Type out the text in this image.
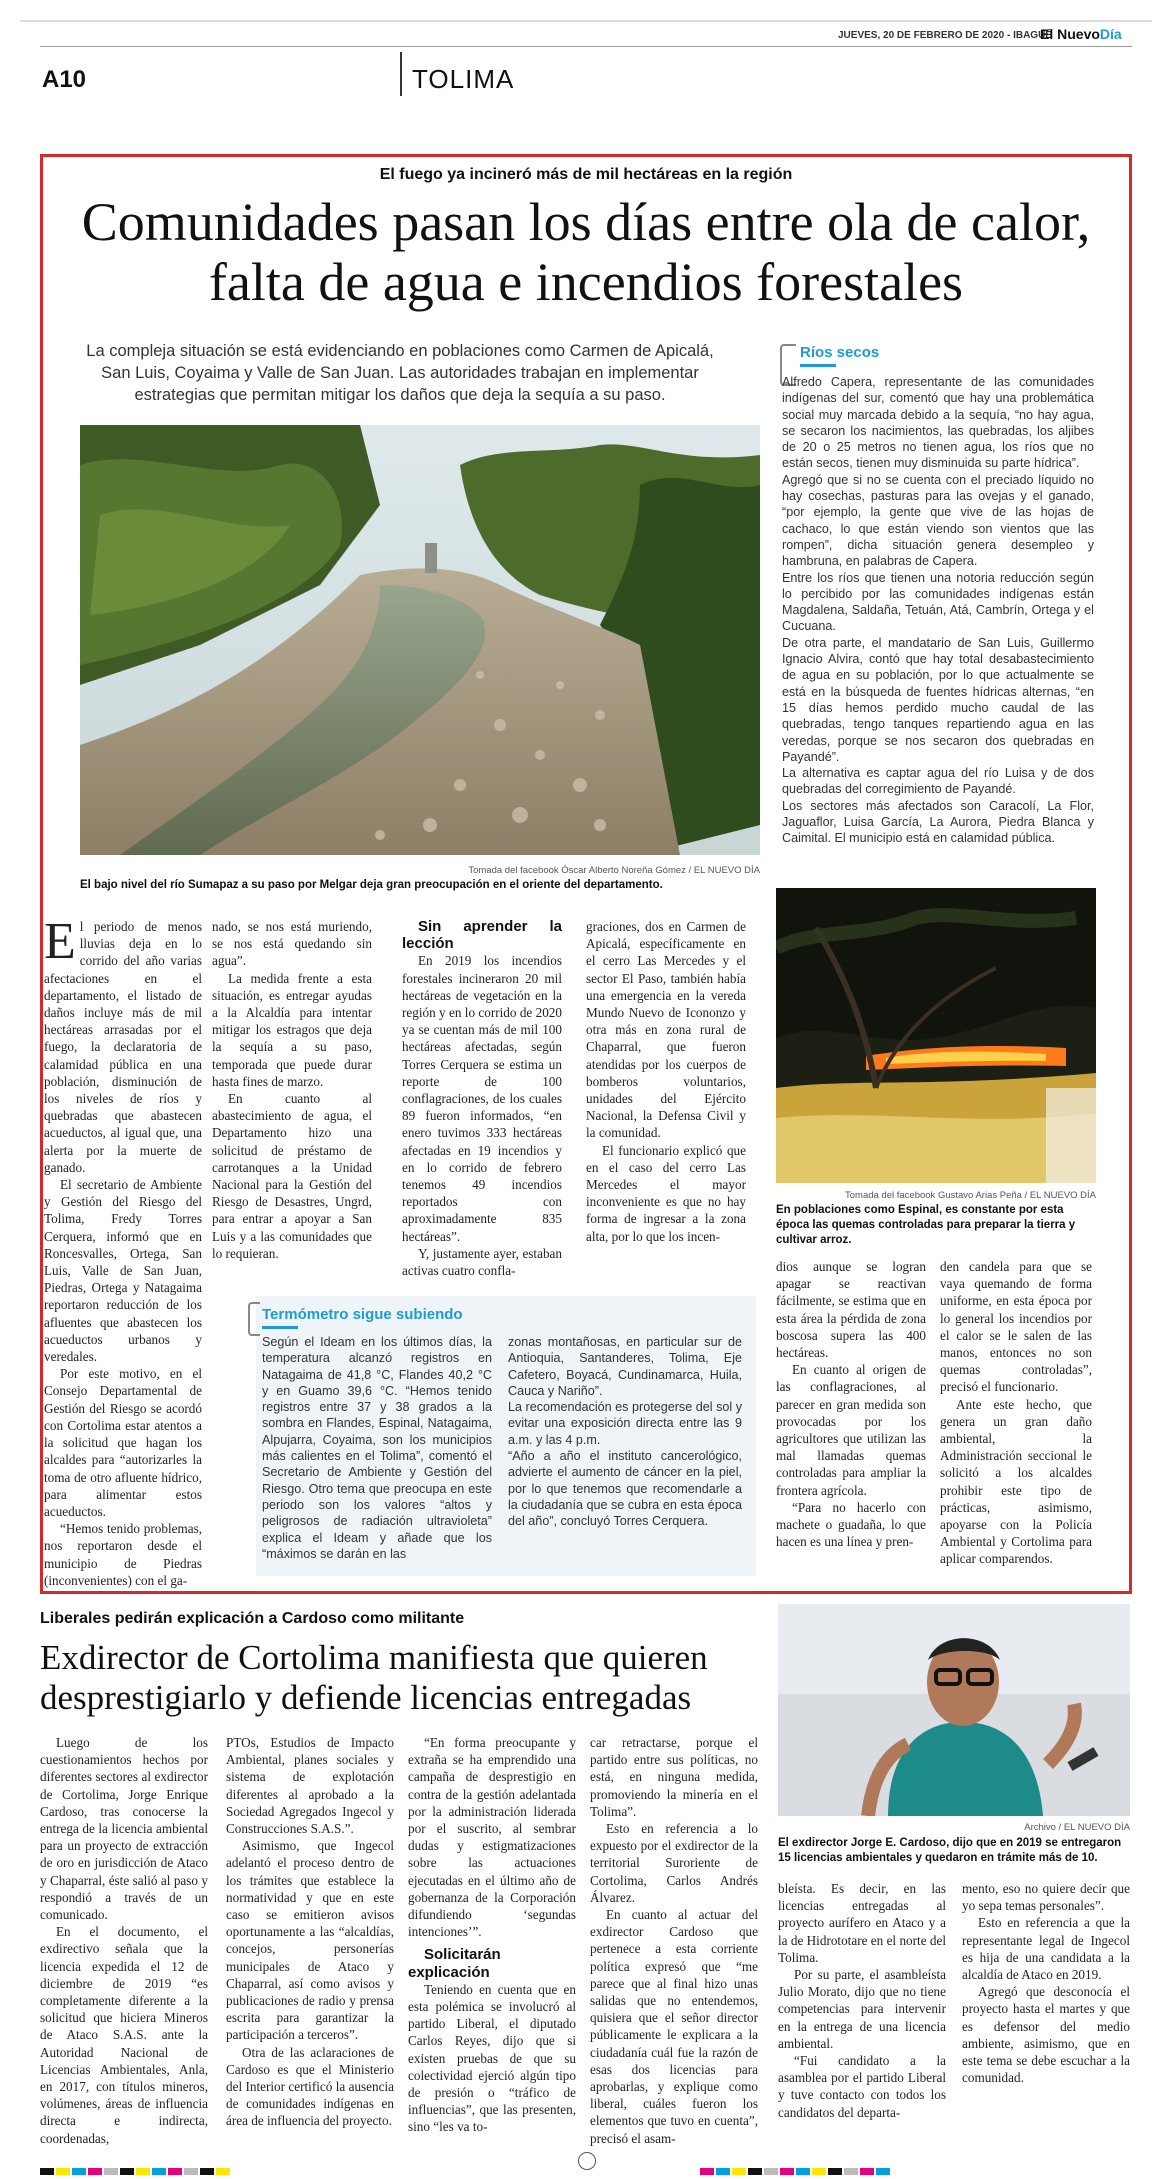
JUEVES, 20 DE FEBRERO DE 2020 - IBAGUÉ
El NuevoDía
A10	TOLIMA
El fuego ya incineró más de mil hectáreas en la región
Comunidades pasan los días entre ola de calor, falta de agua e incendios forestales
La compleja situación se está evidenciando en poblaciones como Carmen de Apicalá, San Luis, Coyaima y Valle de San Juan. Las autoridades trabajan en implementar estrategias que permitan mitigar los daños que deja la sequía a su paso.
Tomada del facebook Óscar Alberto Noreña Gómez / EL NUEVO DÍA
El bajo nivel del río Sumapaz a su paso por Melgar deja gran preocupación en el oriente del departamento.
Ríos secos

Alfredo Capera, representante de las comunidades indígenas del sur, comentó que hay una problemática social muy marcada debido a la sequía, “no hay agua, se secaron los nacimientos, las quebradas, los aljibes de 20 o 25 metros no tienen agua, los ríos que no están secos, tienen muy disminuida su parte hídrica”.

Agregó que si no se cuenta con el preciado líquido no hay cosechas, pasturas para las ovejas y el ganado, “por ejemplo, la gente que vive de las hojas de cachaco, lo que están viendo son vientos que las rompen”, dicha situación genera desempleo y hambruna, en palabras de Capera.

Entre los ríos que tienen una notoria reducción según lo percibido por las comunidades indígenas están Magdalena, Saldaña, Tetuán, Atá, Cambrín, Ortega y el Cucuana.

De otra parte, el mandatario de San Luis, Guillermo Ignacio Alvira, contó que hay total desabastecimiento de agua en su población, por lo que actualmente se está en la búsqueda de fuentes hídricas alternas, “en 15 días hemos perdido mucho caudal de las quebradas, tengo tanques repartiendo agua en las veredas, porque se nos secaron dos quebradas en Payandé”.

La alternativa es captar agua del río Luisa y de dos quebradas del corregimiento de Payandé.

Los sectores más afectados son Caracolí, La Flor, Jaguaflor, Luisa García, La Aurora, Piedra Blanca y Caimital. El municipio está en calamidad pública.

El periodo de menos lluvias deja en lo corrido del año varias afectaciones en el departamento, el listado de daños incluye más de mil hectáreas arrasadas por el fuego, la declaratoria de calamidad pública en una población, disminución de los niveles de ríos y quebradas que abastecen acueductos, al igual que, una alerta por la muerte de ganado.

El secretario de Ambiente y Gestión del Riesgo del Tolima, Fredy Torres Cerquera, informó que en Roncesvalles, Ortega, San Luis, Valle de San Juan, Piedras, Ortega y Natagaima reportaron reducción de los afluentes que abastecen los acueductos urbanos y veredales.

Por este motivo, en el Consejo Departamental de Gestión del Riesgo se acordó con Cortolima estar atentos a la solicitud que hagan los alcaldes para “autorizarles la toma de otro afluente hídrico, para alimentar estos acueductos.

“Hemos tenido problemas, nos reportaron desde el municipio de Piedras (inconvenientes) con el ga-

nado, se nos está muriendo, se nos está quedando sin agua”.

La medida frente a esta situación, es entregar ayudas a la Alcaldía para intentar mitigar los estragos que deja la sequía a su paso, temporada que puede durar hasta fines de marzo.

En cuanto al abastecimiento de agua, el Departamento hizo una solicitud de préstamo de carrotanques a la Unidad Nacional para la Gestión del Riesgo de Desastres, Ungrd, para entrar a apoyar a San Luis y a las comunidades que lo requieran.

Sin aprender la lección

En 2019 los incendios forestales incineraron 20 mil hectáreas de vegetación en la región y en lo corrido de 2020 ya se cuentan más de mil 100 hectáreas afectadas, según Torres Cerquera se estima un reporte de 100 conflagraciones, de los cuales 89 fueron informados, “en enero tuvimos 333 hectáreas afectadas en 19 incendios y en lo corrido de febrero tenemos 49 incendios reportados con aproximadamente 835 hectáreas”.

Y, justamente ayer, estaban activas cuatro confla-

graciones, dos en Carmen de Apicalá, específicamente en el cerro Las Mercedes y el sector El Paso, también había una emergencia en la vereda Mundo Nuevo de Icononzo y otra más en zona rural de Chaparral, que fueron atendidas por los cuerpos de bomberos voluntarios, unidades del Ejército Nacional, la Defensa Civil y la comunidad.

El funcionario explicó que en el caso del cerro Las Mercedes el mayor inconveniente es que no hay forma de ingresar a la zona alta, por lo que los incen-

Tomada del facebook Gustavo Arias Peña / EL NUEVO DÍA
En poblaciones como Espinal, es constante por esta época las quemas controladas para preparar la tierra y cultivar arroz.
Termómetro sigue subiendo

Según el Ideam en los últimos días, la temperatura alcanzó registros en Natagaima de 41,8 °C, Flandes 40,2 °C y en Guamo 39,6 °C. “Hemos tenido registros entre 37 y 38 grados a la sombra en Flandes, Espinal, Natagaima, Alpujarra, Coyaima, son los municipios más calientes en el Tolima”, comentó el Secretario de Ambiente y Gestión del Riesgo. Otro tema que preocupa en este periodo son los valores “altos y peligrosos de radiación ultravioleta” explica el Ideam y añade que los “máximos se darán en las

zonas montañosas, en particular sur de Antioquia, Santanderes, Tolima, Eje Cafetero, Boyacá, Cundinamarca, Huila, Cauca y Nariño”.

La recomendación es protegerse del sol y evitar una exposición directa entre las 9 a.m. y las 4 p.m.

“Año a año el instituto cancerológico, advierte el aumento de cáncer en la piel, por lo que tenemos que recomendarle a la ciudadanía que se cubra en esta época del año”, concluyó Torres Cerquera.

dios aunque se logran apagar se reactivan fácilmente, se estima que en esta área la pérdida de zona boscosa supera las 400 hectáreas.

En cuanto al origen de las conflagraciones, al parecer en gran medida son provocadas por los agricultores que utilizan las mal llamadas quemas controladas para ampliar la frontera agrícola.

“Para no hacerlo con machete o guadaña, lo que hacen es una línea y pren-

den candela para que se vaya quemando de forma uniforme, en esta época por lo general los incendios por el calor se le salen de las manos, entonces no son quemas controladas”, precisó el funcionario.

Ante este hecho, que genera un gran daño ambiental, la Administración seccional le solicitó a los alcaldes prohibir este tipo de prácticas, asimismo, apoyarse con la Policía Ambiental y Cortolima para aplicar comparendos.

Liberales pedirán explicación a Cardoso como militante
Exdirector de Cortolima manifiesta que quieren desprestigiarlo y defiende licencias entregadas
Archivo / EL NUEVO DÍA
El exdirector Jorge E. Cardoso, dijo que en 2019 se entregaron 15 licencias ambientales y quedaron en trámite más de 10.

Luego de los cuestionamientos hechos por diferentes sectores al exdirector de Cortolima, Jorge Enrique Cardoso, tras conocerse la entrega de la licencia ambiental para un proyecto de extracción de oro en jurisdicción de Ataco y Chaparral, éste salió al paso y respondió a través de un comunicado.

En el documento, el exdirectivo señala que la licencia expedida el 12 de diciembre de 2019 “es completamente diferente a la solicitud que hiciera Mineros de Ataco S.A.S. ante la Autoridad Nacional de Licencias Ambientales, Anla, en 2017, con títulos mineros, volúmenes, áreas de influencia directa e indirecta, coordenadas,

PTOs, Estudios de Impacto Ambiental, planes sociales y sistema de explotación diferentes al aprobado a la Sociedad Agregados Ingecol y Construcciones S.A.S.”.

Asimismo, que Ingecol adelantó el proceso dentro de los trámites que establece la normatividad y que en este caso se emitieron avisos oportunamente a las “alcaldías, concejos, personerías municipales de Ataco y Chaparral, así como avisos y publicaciones de radio y prensa escrita para garantizar la participación a terceros”.

Otra de las aclaraciones de Cardoso es que el Ministerio del Interior certificó la ausencia de comunidades indígenas en área de influencia del proyecto.

“En forma preocupante y extraña se ha emprendido una campaña de desprestigio en contra de la gestión adelantada por la administración liderada por el suscrito, al sembrar dudas y estigmatizaciones sobre las actuaciones ejecutadas en el último año de gobernanza de la Corporación difundiendo ‘segundas intenciones’”.

Solicitarán explicación

Teniendo en cuenta que en esta polémica se involucró al partido Liberal, el diputado Carlos Reyes, dijo que si existen pruebas de que su colectividad ejerció algún tipo de presión o “tráfico de influencias”, que las presenten, sino “les va to-

car retractarse, porque el partido entre sus políticas, no está, en ninguna medida, promoviendo la minería en el Tolima”.

Esto en referencia a lo expuesto por el exdirector de la territorial Suroriente de Cortolima, Carlos Andrés Álvarez.

En cuanto al actuar del exdirector Cardoso que pertenece a esta corriente política expresó que “me parece que al final hizo unas salidas que no entendemos, quisiera que el señor director públicamente le explicara a la ciudadanía cuál fue la razón de esas dos licencias para aprobarlas, y explique como liberal, cuáles fueron los elementos que tuvo en cuenta”, precisó el asam-

bleísta. Es decir, en las licencias entregadas al proyecto aurífero en Ataco y a la de Hidrototare en el norte del Tolima.

Por su parte, el asambleísta Julio Morato, dijo que no tiene competencias para intervenir en la entrega de una licencia ambiental.

“Fui candidato a la asamblea por el partido Liberal y tuve contacto con todos los candidatos del departa-

mento, eso no quiere decir que yo sepa temas personales”.

Esto en referencia a que la representante legal de Ingecol es hija de una candidata a la alcaldía de Ataco en 2019.

Agregó que desconocía el proyecto hasta el martes y que es defensor del medio ambiente, asimismo, que en este tema se debe escuchar a la comunidad.
